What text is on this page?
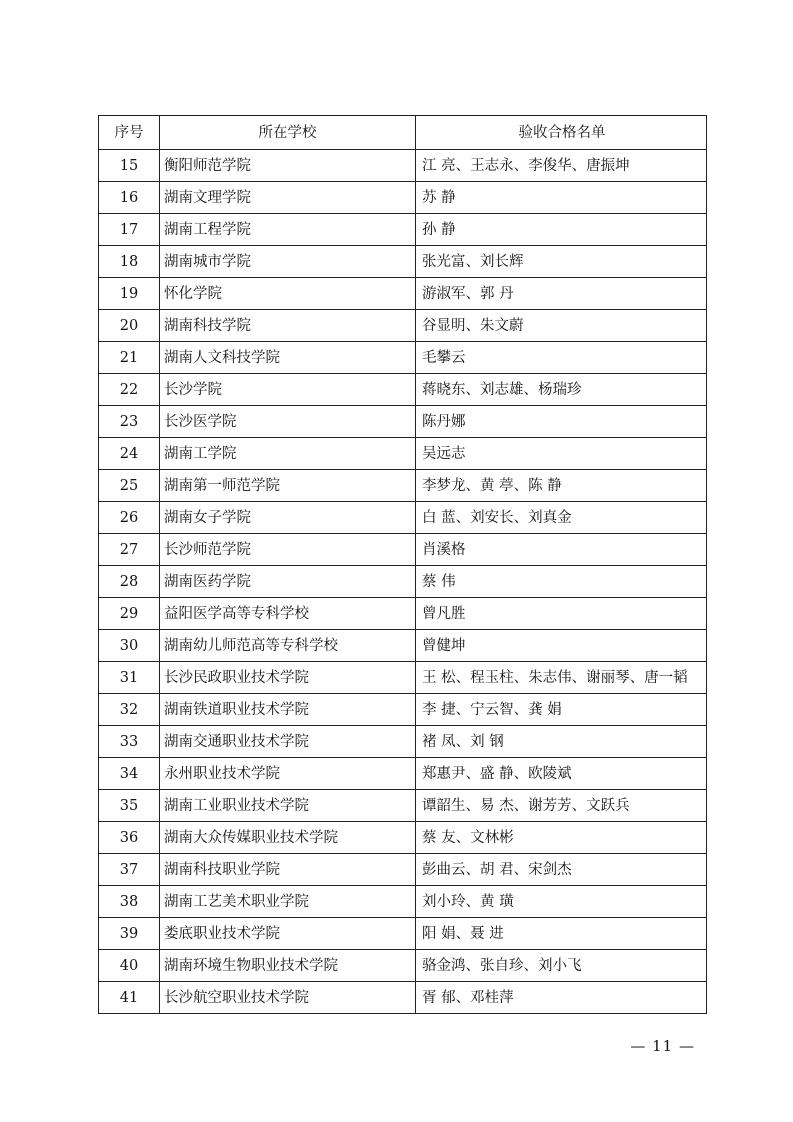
序号	所在学校	验收合格名单
15	衡阳师范学院	江 亮、王志永、李俊华、唐振坤
16	湖南文理学院	苏 静
17	湖南工程学院	孙 静
18	湖南城市学院	张光富、刘长辉
19	怀化学院	游淑军、郭 丹
20	湖南科技学院	谷显明、朱文蔚
21	湖南人文科技学院	毛攀云
22	长沙学院	蒋晓东、刘志雄、杨瑞珍
23	长沙医学院	陈丹娜
24	湖南工学院	吴远志
25	湖南第一师范学院	李梦龙、黄 葶、陈 静
26	湖南女子学院	白 蓝、刘安长、刘真金
27	长沙师范学院	肖溪格
28	湖南医药学院	蔡 伟
29	益阳医学高等专科学校	曾凡胜
30	湖南幼儿师范高等专科学校	曾健坤
31	长沙民政职业技术学院	王 松、程玉柱、朱志伟、谢丽琴、唐一韬
32	湖南铁道职业技术学院	李 捷、宁云智、龚 娟
33	湖南交通职业技术学院	褚 凤、刘 钢
34	永州职业技术学院	郑惠尹、盛 静、欧陵斌
35	湖南工业职业技术学院	谭韶生、易 杰、谢芳芳、文跃兵
36	湖南大众传媒职业技术学院	蔡 友、文林彬
37	湖南科技职业学院	彭曲云、胡 君、宋剑杰
38	湖南工艺美术职业学院	刘小玲、黄 璜
39	娄底职业技术学院	阳 娟、聂 进
40	湖南环境生物职业技术学院	骆金鸿、张自珍、刘小飞
41	长沙航空职业技术学院	胥 郁、邓桂萍
— 11 —
